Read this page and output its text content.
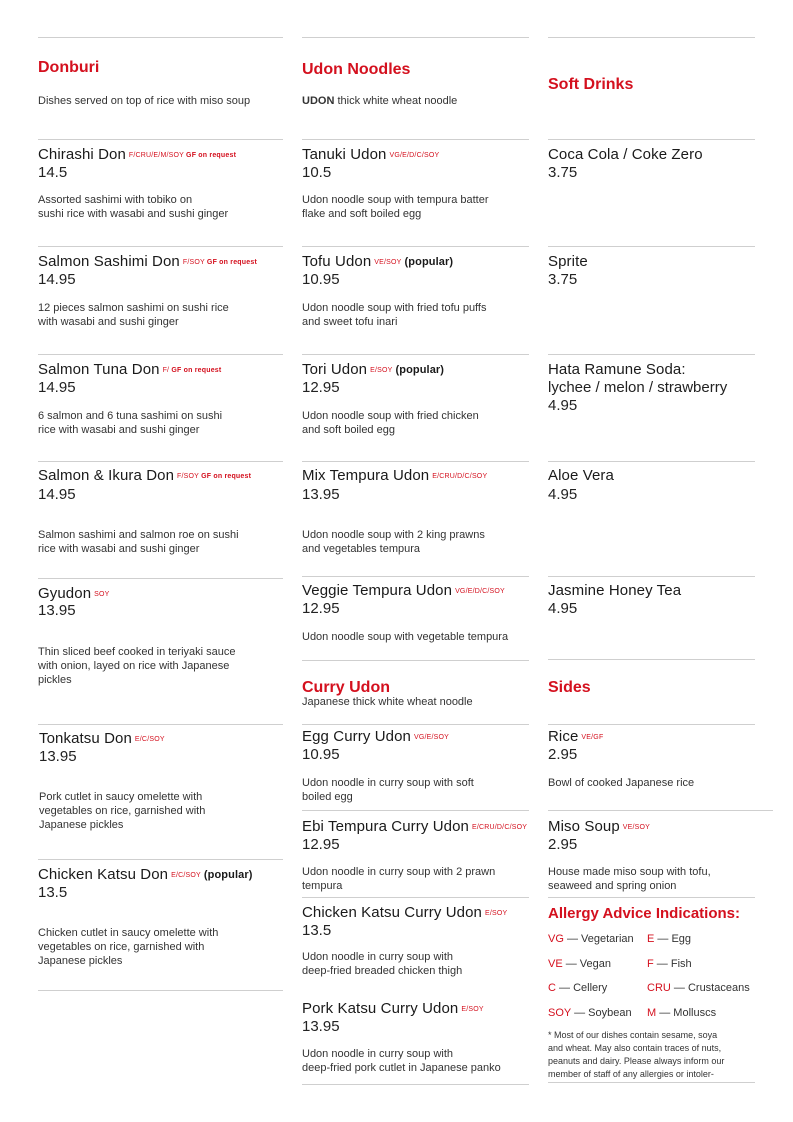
Donburi
Dishes served on top of rice with miso soup
Chirashi Don F/CRU/E/M/SOY GF on request
14.5
Assorted sashimi with tobiko on
sushi rice with wasabi and sushi ginger
Salmon Sashimi Don F/SOY GF on request
14.95
12 pieces salmon sashimi on sushi rice
with wasabi and sushi ginger
Salmon Tuna Don F/ GF on request
14.95
6 salmon and 6 tuna sashimi on sushi
rice with wasabi and sushi ginger
Salmon & Ikura Don F/SOY GF on request
14.95
Salmon sashimi and salmon roe on sushi
rice with wasabi and sushi ginger
Gyudon SOY
13.95
Thin sliced beef cooked in teriyaki sauce
with onion, layed on rice with Japanese
pickles
Tonkatsu Don E/C/SOY
13.95
Pork cutlet in saucy omelette with
vegetables on rice, garnished with
Japanese pickles
Chicken Katsu Don E/C/SOY (popular)
13.5
Chicken cutlet in saucy omelette with
vegetables on rice, garnished with
Japanese pickles
Udon Noodles
UDON thick white wheat noodle
Tanuki Udon VG/E/D/C/SOY
10.5
Udon noodle soup with tempura batter
flake and soft boiled egg
Tofu Udon VE/SOY (popular)
10.95
Udon noodle soup with fried tofu puffs
and sweet tofu inari
Tori Udon E/SOY (popular)
12.95
Udon noodle soup with fried chicken
and soft boiled egg
Mix Tempura Udon E/CRU/D/C/SOY
13.95
Udon noodle soup with 2 king prawns
and vegetables tempura
Veggie Tempura Udon VG/E/D/C/SOY
12.95
Udon noodle soup with vegetable tempura
Curry Udon
Japanese thick white wheat noodle
Egg Curry Udon VG/E/SOY
10.95
Udon noodle in curry soup with soft
boiled egg
Ebi Tempura Curry Udon E/CRU/D/C/SOY
12.95
Udon noodle in curry soup with 2 prawn
tempura
Chicken Katsu Curry Udon E/SOY
13.5
Udon noodle in curry soup with
deep-fried breaded chicken thigh
Pork Katsu Curry Udon E/SOY
13.95
Udon noodle in curry soup with
deep-fried pork cutlet in Japanese panko
Soft Drinks
Coca Cola / Coke Zero
3.75
Sprite
3.75
Hata Ramune Soda:
lychee / melon / strawberry
4.95
Aloe Vera
4.95
Jasmine Honey Tea
4.95
Sides
Rice VE/GF
2.95
Bowl of cooked Japanese rice
Miso Soup VE/SOY
2.95
House made miso soup with tofu,
seaweed and spring onion
Allergy Advice Indications:
VG — Vegetarian E — Egg
VE — Vegan	F — Fish
C — Cellery	CRU — Crustaceans
SOY — Soybean M — Molluscs
* Most of our dishes contain sesame, soya
and wheat. May also contain traces of nuts,
peanuts and dairy. Please always inform our
member of staff of any allergies or intoler-
